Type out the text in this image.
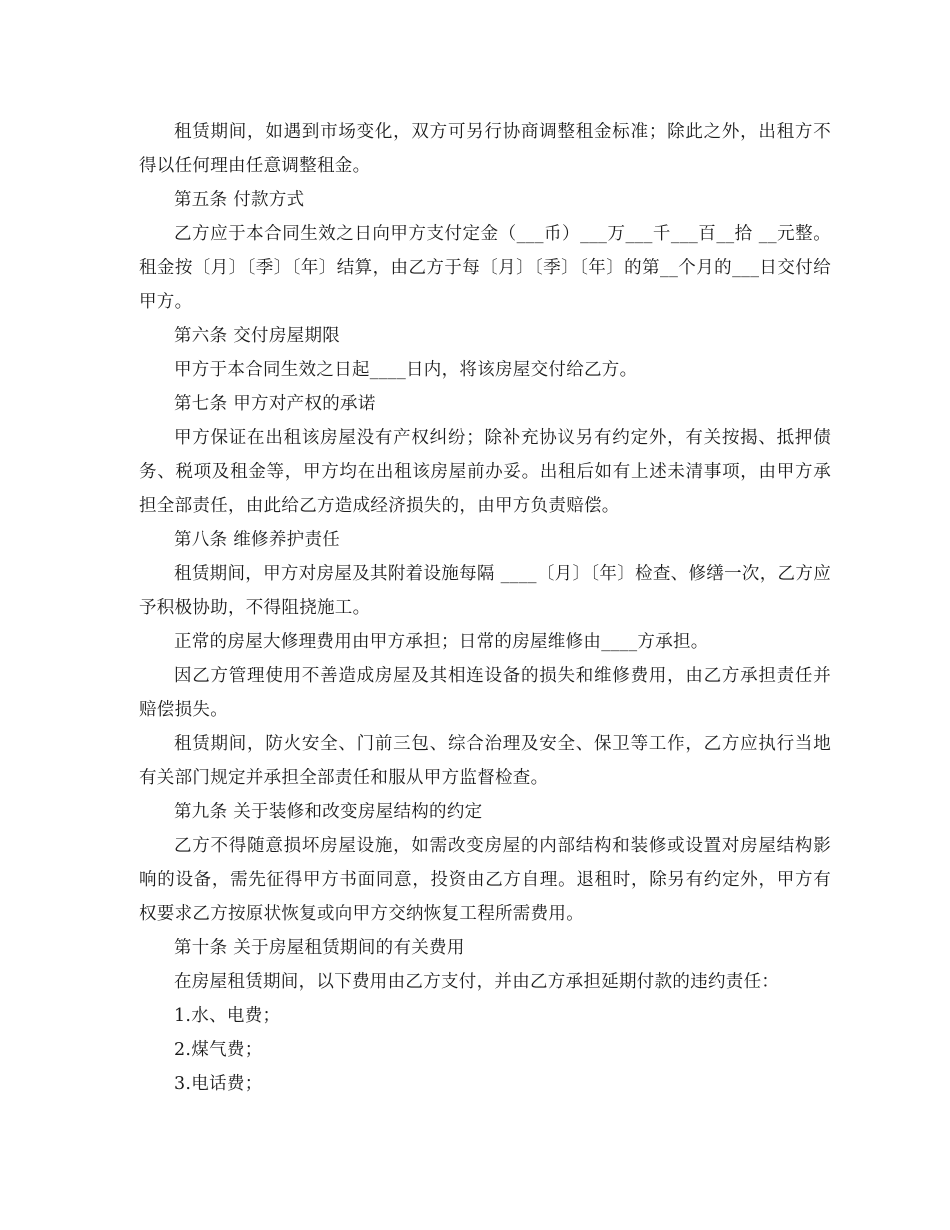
租赁期间，如遇到市场变化，双方可另行协商调整租金标准；除此之外，出租方不得以任何理由任意调整租金。

第五条 付款方式

乙方应于本合同生效之日向甲方支付定金（___币）___万___千___百__拾 __元整。租金按〔月〕〔季〕〔年〕结算，由乙方于每〔月〕〔季〕〔年〕的第__个月的___日交付给甲方。

第六条 交付房屋期限

甲方于本合同生效之日起____日内，将该房屋交付给乙方。

第七条 甲方对产权的承诺

甲方保证在出租该房屋没有产权纠纷；除补充协议另有约定外，有关按揭、抵押债务、税项及租金等，甲方均在出租该房屋前办妥。出租后如有上述未清事项，由甲方承担全部责任，由此给乙方造成经济损失的，由甲方负责赔偿。

第八条 维修养护责任

租赁期间，甲方对房屋及其附着设施每隔 ____〔月〕〔年〕检查、修缮一次，乙方应予积极协助，不得阻挠施工。

正常的房屋大修理费用由甲方承担；日常的房屋维修由____方承担。

因乙方管理使用不善造成房屋及其相连设备的损失和维修费用，由乙方承担责任并赔偿损失。

租赁期间，防火安全、门前三包、综合治理及安全、保卫等工作，乙方应执行当地有关部门规定并承担全部责任和服从甲方监督检查。

第九条 关于装修和改变房屋结构的约定

乙方不得随意损坏房屋设施，如需改变房屋的内部结构和装修或设置对房屋结构影响的设备，需先征得甲方书面同意，投资由乙方自理。退租时，除另有约定外，甲方有权要求乙方按原状恢复或向甲方交纳恢复工程所需费用。

第十条 关于房屋租赁期间的有关费用

在房屋租赁期间，以下费用由乙方支付，并由乙方承担延期付款的违约责任：

1.水、电费；

2.煤气费；

3.电话费；
